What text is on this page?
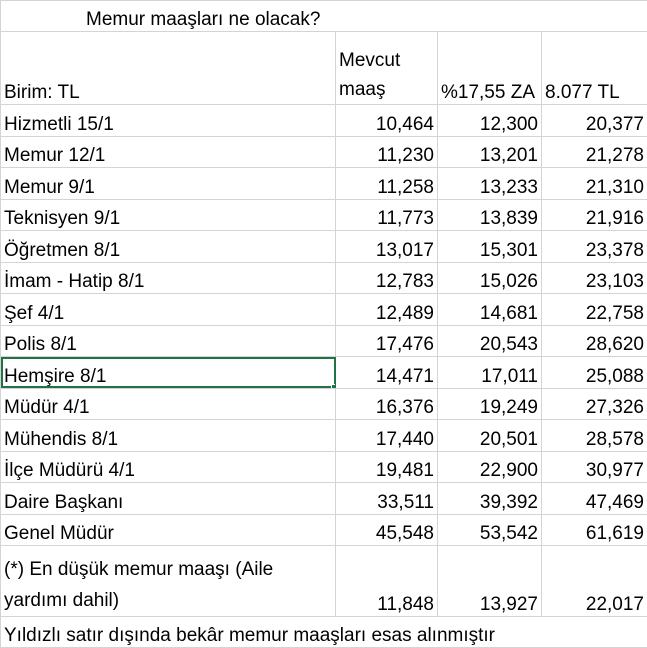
Memur maaşları ne olacak?			
Birim: TL	Mevcut maaş	%17,55 ZA	8.077 TL
Hizmetli 15/1	10,464	12,300	20,377
Memur 12/1	11,230	13,201	21,278
Memur 9/1	11,258	13,233	21,310
Teknisyen 9/1	11,773	13,839	21,916
Öğretmen 8/1	13,017	15,301	23,378
İmam - Hatip 8/1	12,783	15,026	23,103
Şef 4/1	12,489	14,681	22,758
Polis 8/1	17,476	20,543	28,620
Hemşire 8/1	14,471	17,011	25,088
Müdür 4/1	16,376	19,249	27,326
Mühendis 8/1	17,440	20,501	28,578
İlçe Müdürü 4/1	19,481	22,900	30,977
Daire Başkanı	33,511	39,392	47,469
Genel Müdür	45,548	53,542	61,619
(*) En düşük memur maaşı (Aile yardımı dahil)	11,848	13,927	22,017
Yıldızlı satır dışında bekâr memur maaşları esas alınmıştır			
